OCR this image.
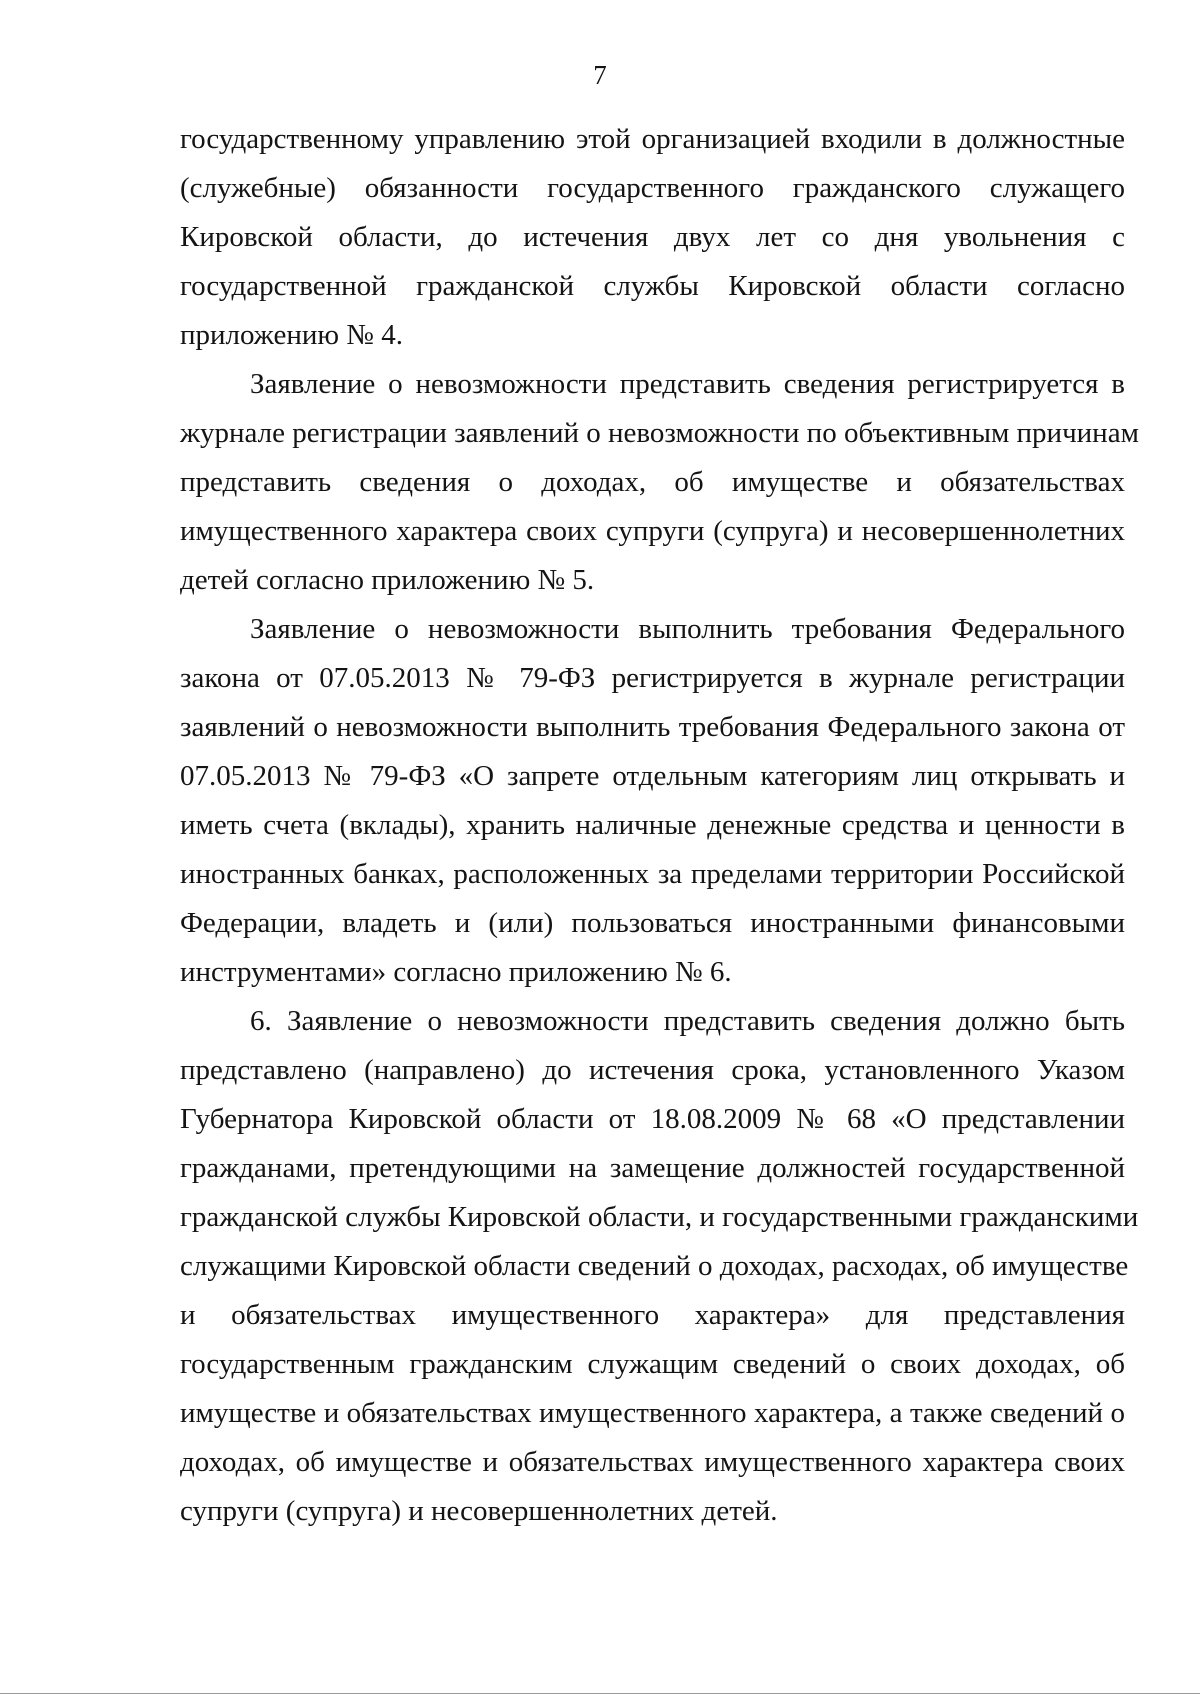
7

государственному управлению этой организацией входили в должностные
(служебные) обязанности государственного гражданского служащего
Кировской области, до истечения двух лет со дня увольнения с
государственной гражданской службы Кировской области согласно
приложению № 4.

Заявление о невозможности представить сведения регистрируется в
журнале регистрации заявлений о невозможности по объективным причинам
представить сведения о доходах, об имуществе и обязательствах
имущественного характера своих супруги (супруга) и несовершеннолетних
детей согласно приложению № 5.

Заявление о невозможности выполнить требования Федерального
закона от 07.05.2013 № 79-ФЗ регистрируется в журнале регистрации
заявлений о невозможности выполнить требования Федерального закона от
07.05.2013 № 79-ФЗ «О запрете отдельным категориям лиц открывать и
иметь счета (вклады), хранить наличные денежные средства и ценности в
иностранных банках, расположенных за пределами территории Российской
Федерации, владеть и (или) пользоваться иностранными финансовыми
инструментами» согласно приложению № 6.

6. Заявление о невозможности представить сведения должно быть
представлено (направлено) до истечения срока, установленного Указом
Губернатора Кировской области от 18.08.2009 № 68 «О представлении
гражданами, претендующими на замещение должностей государственной
гражданской службы Кировской области, и государственными гражданскими
служащими Кировской области сведений о доходах, расходах, об имуществе
и обязательствах имущественного характера» для представления
государственным гражданским служащим сведений о своих доходах, об
имуществе и обязательствах имущественного характера, а также сведений о
доходах, об имуществе и обязательствах имущественного характера своих
супруги (супруга) и несовершеннолетних детей.
